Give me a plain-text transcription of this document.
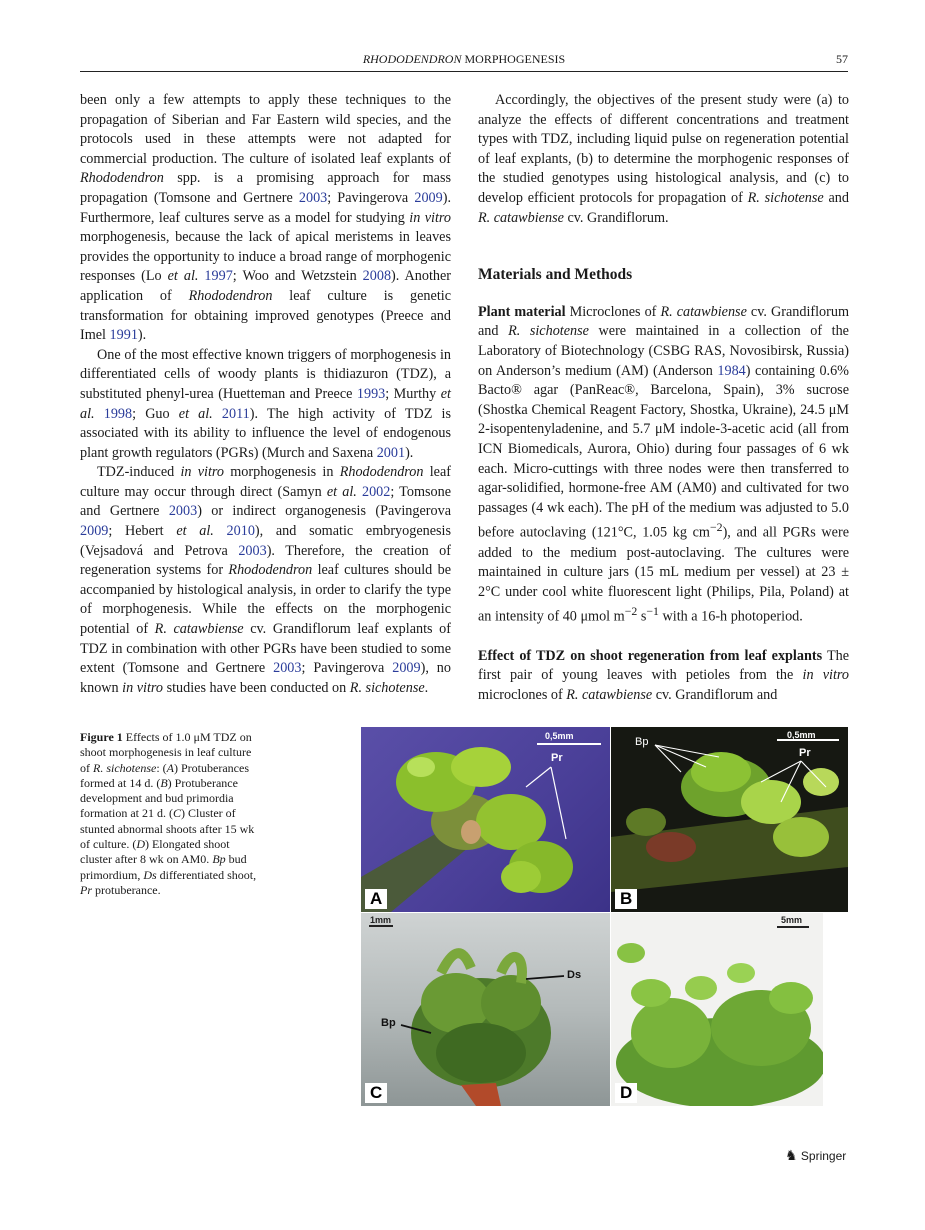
RHODODENDRON MORPHOGENESIS	57

been only a few attempts to apply these techniques to the propagation of Siberian and Far Eastern wild species, and the protocols used in these attempts were not adapted for commercial production. The culture of isolated leaf explants of Rhododendron spp. is a promising approach for mass propagation (Tomsone and Gertnere 2003; Pavingerova 2009). Furthermore, leaf cultures serve as a model for studying in vitro morphogenesis, because the lack of apical meristems in leaves provides the opportunity to induce a broad range of morphogenic responses (Lo et al. 1997; Woo and Wetzstein 2008). Another application of Rhododendron leaf culture is genetic transformation for obtaining improved genotypes (Preece and Imel 1991).

One of the most effective known triggers of morphogenesis in differentiated cells of woody plants is thidiazuron (TDZ), a substituted phenyl-urea (Huetteman and Preece 1993; Murthy et al. 1998; Guo et al. 2011). The high activity of TDZ is associated with its ability to influence the level of endogenous plant growth regulators (PGRs) (Murch and Saxena 2001).

TDZ-induced in vitro morphogenesis in Rhododendron leaf culture may occur through direct (Samyn et al. 2002; Tomsone and Gertnere 2003) or indirect organogenesis (Pavingerova 2009; Hebert et al. 2010), and somatic embryogenesis (Vejsadová and Petrova 2003). Therefore, the creation of regeneration systems for Rhododendron leaf cultures should be accompanied by histological analysis, in order to clarify the type of morphogenesis. While the effects on the morphogenic potential of R. catawbiense cv. Grandiflorum leaf explants of TDZ in combination with other PGRs have been studied to some extent (Tomsone and Gertnere 2003; Pavingerova 2009), no known in vitro studies have been conducted on R. sichotense.

Accordingly, the objectives of the present study were (a) to analyze the effects of different concentrations and treatment types with TDZ, including liquid pulse on regeneration potential of leaf explants, (b) to determine the morphogenic responses of the studied genotypes using histological analysis, and (c) to develop efficient protocols for propagation of R. sichotense and R. catawbiense cv. Grandiflorum.

Materials and Methods

Plant material Microclones of R. catawbiense cv. Grandiflorum and R. sichotense were maintained in a collection of the Laboratory of Biotechnology (CSBG RAS, Novosibirsk, Russia) on Anderson’s medium (AM) (Anderson 1984) containing 0.6% Bacto® agar (PanReac®, Barcelona, Spain), 3% sucrose (Shostka Chemical Reagent Factory, Shostka, Ukraine), 24.5 μM 2-isopentenyladenine, and 5.7 μM indole-3-acetic acid (all from ICN Biomedicals, Aurora, Ohio) during four passages of 6 wk each. Micro-cuttings with three nodes were then transferred to agar-solidified, hormone-free AM (AM0) and cultivated for two passages (4 wk each). The pH of the medium was adjusted to 5.0 before autoclaving (121°C, 1.05 kg $cm^{-2}$), and all PGRs were added to the medium post-autoclaving. The cultures were maintained in culture jars (15 mL medium per vessel) at 23 ± 2°C under cool white fluorescent light (Philips, Pila, Poland) at an intensity of 40 μmol $m^{-2}$ $s^{-1}$ with a 16-h photoperiod.

Effect of TDZ on shoot regeneration from leaf explants The first pair of young leaves with petioles from the in vitro microclones of R. catawbiense cv. Grandiflorum and

Figure 1 Effects of 1.0 μM TDZ on shoot morphogenesis in leaf culture of R. sichotense: (A) Protuberances formed at 14 d. (B) Protuberance development and bud primordia formation at 21 d. (C) Cluster of stunted abnormal shoots after 15 wk of culture. (D) Elongated shoot cluster after 8 wk on AM0. Bp bud primordium, Ds differentiated shoot, Pr protuberance.
0,5mm
Pr
A
0,5mm
Bp
Pr
B
1mm
Ds
Bp
C
5mm
D
♞ Springer
